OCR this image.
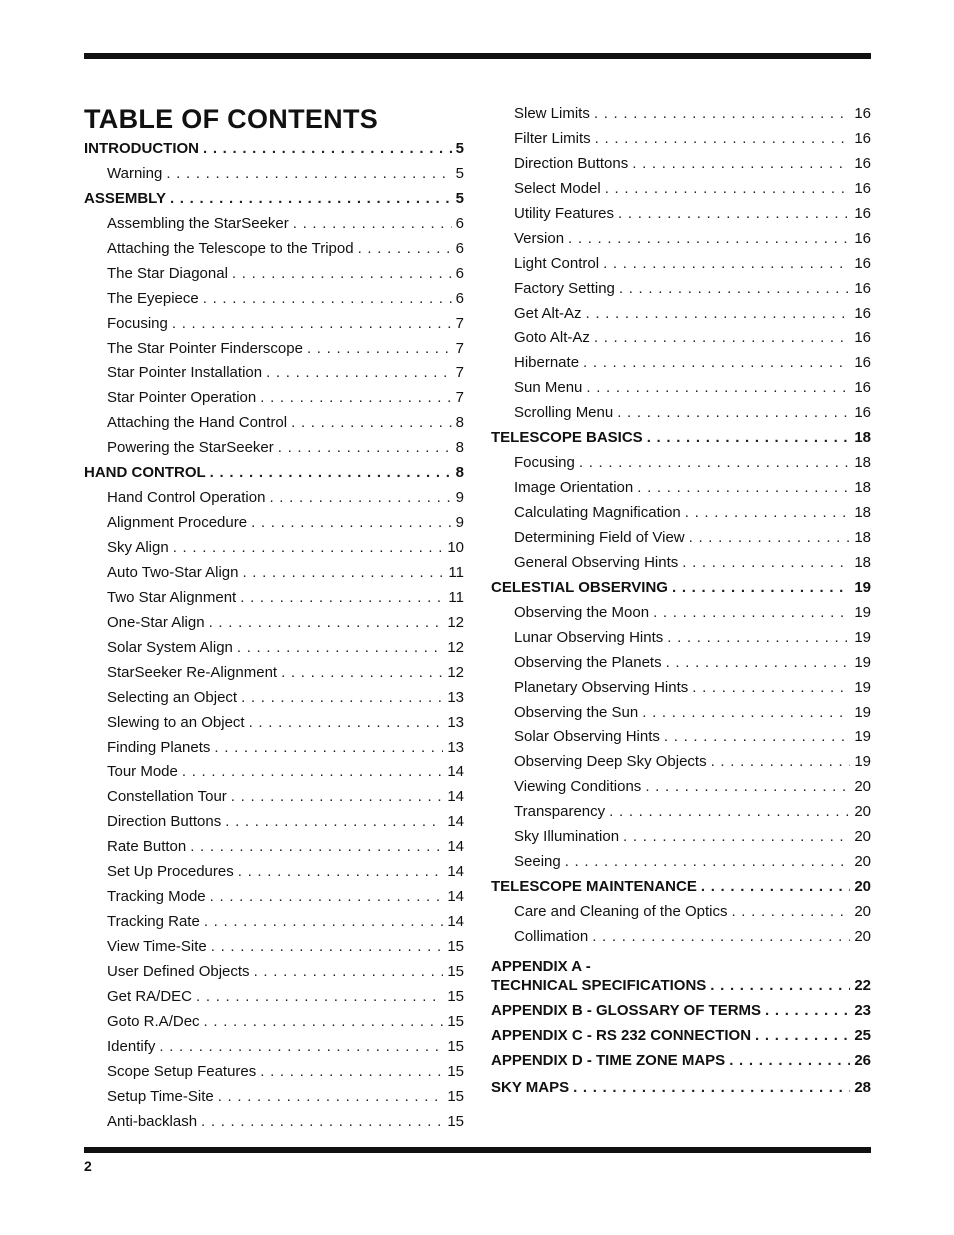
TABLE OF CONTENTS
INTRODUCTION . . .	5
Warning . . .	5
ASSEMBLY . . .	5
Assembling the StarSeeker . . .	6
Attaching the Telescope to the Tripod . . .	6
The Star Diagonal . . .	6
The Eyepiece . . .	6
Focusing . . .	7
The Star Pointer Finderscope . . .	7
Star Pointer Installation . . .	7
Star Pointer Operation . . .	7
Attaching the Hand Control . . .	8
Powering the StarSeeker . . .	8
HAND CONTROL . . .	8
Hand Control Operation . . .	9
Alignment Procedure . . .	9
Sky Align . . .	10
Auto Two-Star Align . . .	11
Two Star Alignment . . .	11
One-Star Align . . .	12
Solar System Align . . .	12
StarSeeker Re-Alignment . . .	12
Selecting an Object . . .	13
Slewing to an Object . . .	13
Finding Planets . . .	13
Tour Mode . . .	14
Constellation Tour . . .	14
Direction Buttons . . .	14
Rate Button . . .	14
Set Up Procedures . . .	14
Tracking Mode . . .	14
Tracking Rate . . .	14
View Time-Site . . .	15
User Defined Objects . . .	15
Get RA/DEC . . .	15
Goto R.A/Dec . . .	15
Identify . . .	15
Scope Setup Features . . .	15
Setup Time-Site . . .	15
Anti-backlash . . .	15
Slew Limits . . .	16
Filter Limits . . .	16
Direction Buttons . . .	16
Select Model . . .	16
Utility Features . . .	16
Version . . .	16
Light Control . . .	16
Factory Setting . . .	16
Get Alt-Az . . .	16
Goto Alt-Az . . .	16
Hibernate . . .	16
Sun Menu . . .	16
Scrolling Menu . . .	16
TELESCOPE BASICS . . .	18
Focusing . . .	18
Image Orientation . . .	18
Calculating Magnification . . .	18
Determining Field of View . . .	18
General Observing Hints . . .	18
CELESTIAL OBSERVING . . .	19
Observing the Moon . . .	19
Lunar Observing Hints . . .	19
Observing the Planets . . .	19
Planetary Observing Hints . . .	19
Observing the Sun . . .	19
Solar Observing Hints . . .	19
Observing Deep Sky Objects . . .	19
Viewing Conditions . . .	20
Transparency . . .	20
Sky Illumination . . .	20
Seeing . . .	20
TELESCOPE MAINTENANCE . . .	20
Care and Cleaning of the Optics . . .	20
Collimation . . .	20
APPENDIX A -
TECHNICAL SPECIFICATIONS . . .	22
APPENDIX B - GLOSSARY OF TERMS . . .	23
APPENDIX C - RS 232 CONNECTION . . .	25
APPENDIX D - TIME ZONE MAPS . . .	26
SKY MAPS . . .	28
2
